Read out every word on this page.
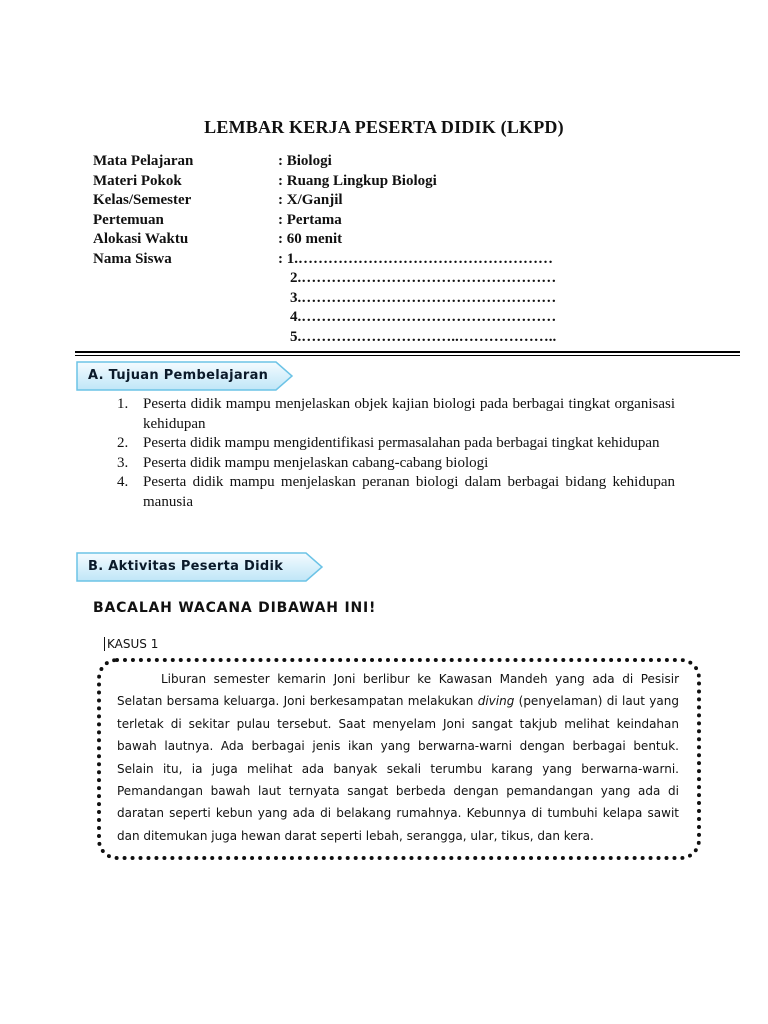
LEMBAR KERJA PESERTA DIDIK (LKPD)
Mata Pelajaran	: Biologi
Materi Pokok	: Ruang Lingkup Biologi
Kelas/Semester	: X/Ganjil
Pertemuan	: Pertama
Alokasi Waktu	: 60 menit
Nama Siswa	: 1.……………………………………………
2.……………………………………………
3.……………………………………………
4.……………………………………………
5.…………………………..………………..
A. Tujuan Pembelajaran
1. Peserta didik mampu menjelaskan objek kajian biologi pada berbagai tingkat organisasi kehidupan
2. Peserta didik mampu mengidentifikasi permasalahan pada berbagai tingkat kehidupan
3. Peserta didik mampu menjelaskan cabang-cabang biologi
4. Peserta didik mampu menjelaskan peranan biologi dalam berbagai bidang kehidupan manusia
B. Aktivitas Peserta Didik
BACALAH WACANA DIBAWAH INI!
KASUS 1
Liburan semester kemarin Joni berlibur ke Kawasan Mandeh yang ada di Pesisir Selatan bersama keluarga. Joni berkesampatan melakukan diving (penyelaman) di laut yang terletak di sekitar pulau tersebut. Saat menyelam Joni sangat takjub melihat keindahan bawah lautnya. Ada berbagai jenis ikan yang berwarna-warni dengan berbagai bentuk. Selain itu, ia juga melihat ada banyak sekali terumbu karang yang berwarna-warni. Pemandangan bawah laut ternyata sangat berbeda dengan pemandangan yang ada di daratan seperti kebun yang ada di belakang rumahnya. Kebunnya di tumbuhi kelapa sawit dan ditemukan juga hewan darat seperti lebah, serangga, ular, tikus, dan kera.
